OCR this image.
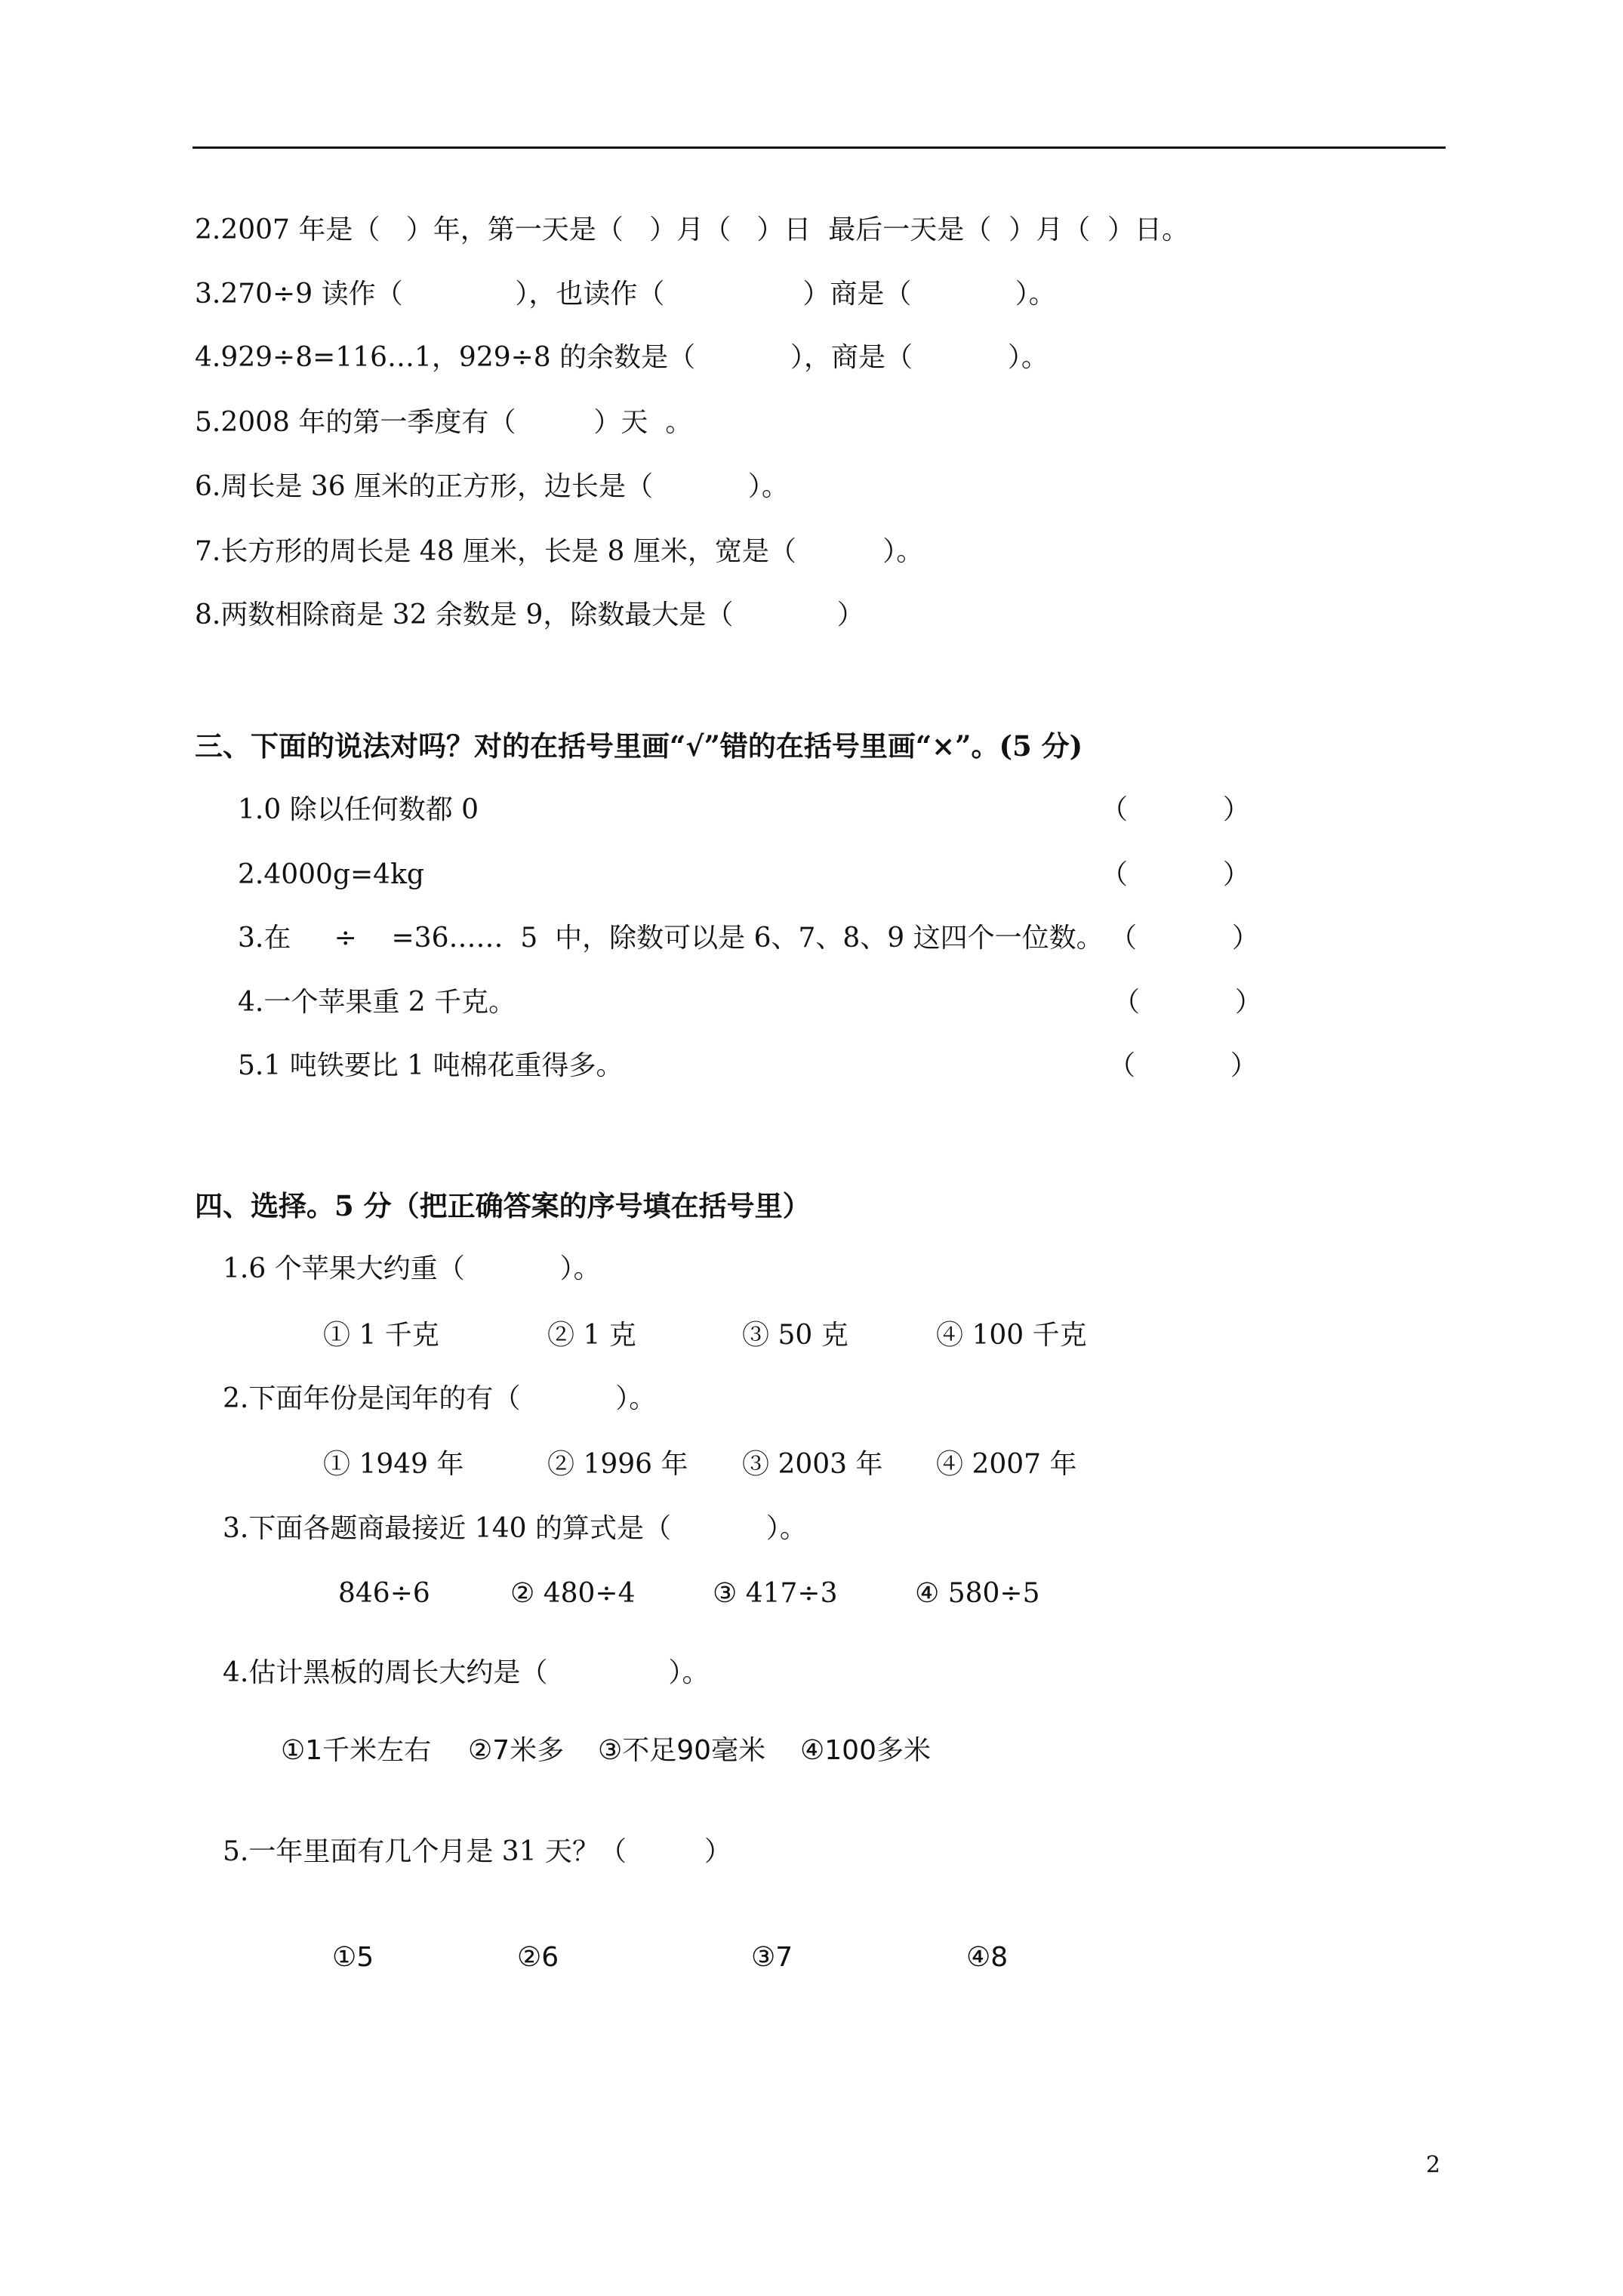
2.2007 年是（   ）年，第一天是（   ）月（   ）日  最后一天是（  ）月（  ）日。
3.270÷9 读作（             ），也读作（                ）商是（            ）。
4.929÷8=116…1，929÷8 的余数是（           ），商是（           ）。
5.2008 年的第一季度有（         ）天  。
6.周长是 36 厘米的正方形，边长是（           ）。
7.长方形的周长是 48 厘米，长是 8 厘米，宽是（          ）。
8.两数相除商是 32 余数是 9，除数最大是（            ）
三、下面的说法对吗？对的在括号里画“√”错的在括号里画“×”。(5 分)
1.0 除以任何数都 0	（           ）
2.4000g=4kg	（           ）
3.在     ÷    =36……  5  中，除数可以是 6、7、8、9 这四个一位数。 （           ）
4.一个苹果重 2 千克。	（           ）
5.1 吨铁要比 1 吨棉花重得多。	（           ）
四、选择。5 分（把正确答案的序号填在括号里）
1.6 个苹果大约重（           ）。
① 1 千克	② 1 克	③ 50 克	④ 100 千克
2.下面年份是闰年的有（           ）。
① 1949 年	② 1996 年 ③ 2003 年 ④ 2007 年
3.下面各题商最接近 140 的算式是（           ）。
846÷6	② 480÷4	③ 417÷3	④ 580÷5
4.估计黑板的周长大约是（              ）。
①1千米左右 ②7米多 ③不足90毫米 ④100多米
5.一年里面有几个月是 31 天？（         ）
①5	②6	③7	④8
2
